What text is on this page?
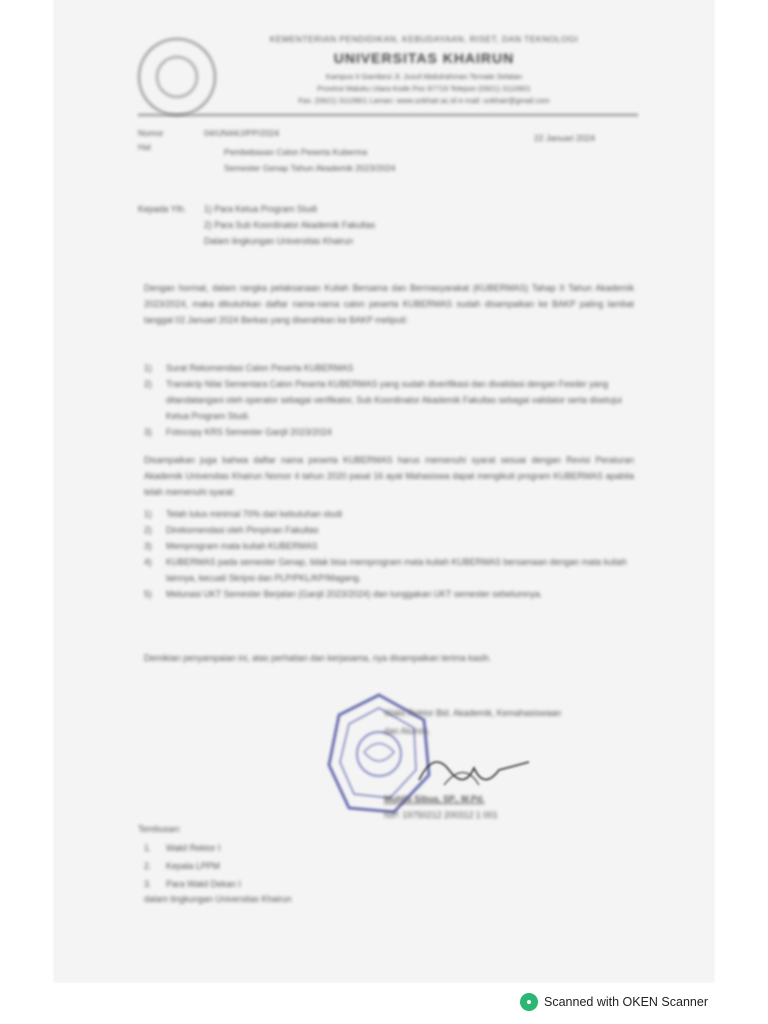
KEMENTERIAN PENDIDIKAN, KEBUDAYAAN, RISET, DAN TEKNOLOGI
UNIVERSITAS KHAIRUN
Kampus II Gambesi Jl. Jusuf Abdulrahman Ternate Selatan
Provinsi Maluku Utara Kode Pos 97719 Telepon (0921) 3110901
Fax. (0921) 3110901 Laman: www.unkhair.ac.id e-mail: unkhair@gmail.com
Nomor	04/UN44/J/PP/2024
Hal	Pembebasan Calon Peserta Kuberma
Semester Genap Tahun Akademik 2023/2024
22 Januari 2024
Kepada Yth. 1) Para Ketua Program Studi
2) Para Sub Koordinator Akademik Fakultas
Dalam lingkungan Universitas Khairun
Dengan hormat, dalam rangka pelaksanaan Kuliah Bersama dan Bermasyarakat (KUBERMAS) Tahap II Tahun Akademik 2023/2024, maka dibutuhkan daftar nama-nama calon peserta KUBERMAS sudah disampaikan ke BAKP paling lambat tanggal 02 Januari 2024 Berkas yang diserahkan ke BAKP meliputi:
1)	Surat Rekomendasi Calon Peserta KUBERMAS
2)	Transkrip Nilai Sementara Calon Peserta KUBERMAS yang sudah diverifikasi dan divalidasi dengan Feeder yang ditandatangani oleh operator sebagai verifikator, Sub Koordinator Akademik Fakultas sebagai validator serta disetujui Ketua Program Studi.
3)	Fotocopy KRS Semester Ganjil 2023/2024
Disampaikan juga bahwa daftar nama peserta KUBERMAS harus memenuhi syarat sesuai dengan Revisi Peraturan Akademik Universitas Khairun Nomor 4 tahun 2020 pasal 16 ayat Mahasiswa dapat mengikuti program KUBERMAS apabila telah memenuhi syarat:
1)	Telah lulus minimal 70% dari kebutuhan studi
2)	Direkomendasi oleh Pimpinan Fakultas
3)	Memprogram mata kuliah KUBERMAS
4)	KUBERMAS pada semester Genap, tidak bisa memprogram mata kuliah KUBERMAS bersamaan dengan mata kuliah lainnya, kecuali Skripsi dan PLP/PKL/KP/Magang.
5)	Melunasi UKT Semester Berjalan (Ganjil 2023/2024) dan tunggakan UKT semester sebelumnya.
Demikian penyampaian ini, atas perhatian dan kerjasama, nya disampaikan terima kasih.
Wakil Rektor Bid. Akademik, Kemahasiswaan
dan Alumni,
Muhlis Sibua, SP., M.Pd.
NIP. 19750212 200312 1 001
Tembusan:
1.	Wakil Rektor I
2.	Kepala LPPM
3.	Para Wakil Dekan I
dalam lingkungan Universitas Khairun
Scanned with OKEN Scanner
